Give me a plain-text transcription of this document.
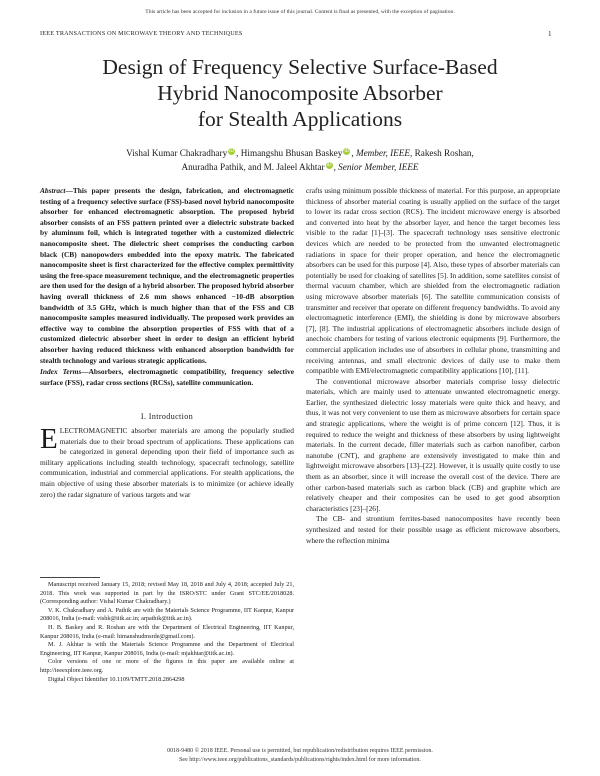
This article has been accepted for inclusion in a future issue of this journal. Content is final as presented, with the exception of pagination.
IEEE TRANSACTIONS ON MICROWAVE THEORY AND TECHNIQUES	1
Design of Frequency Selective Surface-Based
Hybrid Nanocomposite Absorber
for Stealth Applications
Vishal Kumar Chakradhary iD , Himangshu Bhusan Baskey iD , Member, IEEE, Rakesh Roshan,
Anuradha Pathik, and M. Jaleel Akhtar iD , Senior Member, IEEE
Abstract—This paper presents the design, fabrication, and electromagnetic testing of a frequency selective surface (FSS)-based novel hybrid nanocomposite absorber for enhanced electromagnetic absorption. The proposed hybrid absorber consists of an FSS pattern printed over a dielectric substrate backed by aluminum foil, which is integrated together with a customized dielectric nanocomposite sheet. The dielectric sheet comprises the conducting carbon black (CB) nanopowders embedded into the epoxy matrix. The fabricated nanocomposite sheet is first characterized for the effective complex permittivity using the free-space measurement technique, and the electromagnetic properties are then used for the design of a hybrid absorber. The proposed hybrid absorber having overall thickness of 2.6 mm shows enhanced −10-dB absorption bandwidth of 3.5 GHz, which is much higher than that of the FSS and CB nanocomposite samples measured individually. The proposed work provides an effective way to combine the absorption properties of FSS with that of a customized dielectric absorber sheet in order to design an efficient hybrid absorber having reduced thickness with enhanced absorption bandwidth for stealth technology and various strategic applications.
Index Terms—Absorbers, electromagnetic compatibility, frequency selective surface (FSS), radar cross sections (RCSs), satellite communication.
I. Introduction
ELECTROMAGNETIC absorber materials are among the popularly studied materials due to their broad spectrum of applications. These applications can be categorized in general depending upon their field of importance such as military applications including stealth technology, spacecraft technology, satellite communication, industrial and commercial applications. For stealth applications, the main objective of using these absorber materials is to minimize (or achieve ideally zero) the radar signature of various targets and war

Manuscript received January 15, 2018; revised May 18, 2018 and July 4, 2018; accepted July 21, 2018. This work was supported in part by the ISRO/STC under Grant STC/EE/2018028. (Corresponding author: Vishal Kumar Chakradhary.)

V. K. Chakradhary and A. Pathik are with the Materials Science Programme, IIT Kanpur, Kanpur 208016, India (e-mail: vishk@iitk.ac.in; arpathik@iitk.ac.in).

H. B. Baskey and R. Roshan are with the Department of Electrical Engineering, IIT Kanpur, Kanpur 208016, India (e-mail: himanshudmsrde@gmail.com).

M. J. Akhtar is with the Materials Science Programme and the Department of Electrical Engineering, IIT Kanpur, Kanpur 208016, India (e-mail: mjakhtar@iitk.ac.in).

Color versions of one or more of the figures in this paper are available online at http://ieeexplore.ieee.org.

Digital Object Identifier 10.1109/TMTT.2018.2864298

crafts using minimum possible thickness of material. For this purpose, an appropriate thickness of absorber material coating is usually applied on the surface of the target to lower its radar cross section (RCS). The incident microwave energy is absorbed and converted into heat by the absorber layer, and hence the target becomes less visible to the radar [1]–[3]. The spacecraft technology uses sensitive electronic devices which are needed to be protected from the unwanted electromagnetic radiations in space for their proper operation, and hence the electromagnetic absorbers can be used for this purpose [4]. Also, these types of absorber materials can potentially be used for cloaking of satellites [5]. In addition, some satellites consist of thermal vacuum chamber, which are shielded from the electromagnetic radiation using microwave absorber materials [6]. The satellite communication consists of transmitter and receiver that operate on different frequency bandwidths. To avoid any electromagnetic interference (EMI), the shielding is done by microwave absorbers [7], [8]. The industrial applications of electromagnetic absorbers include design of anechoic chambers for testing of various electronic equipments [9]. Furthermore, the commercial application includes use of absorbers in cellular phone, transmitting and receiving antennas, and small electronic devices of daily use to make them compatible with EMI/electromagnetic compatibility applications [10], [11].

The conventional microwave absorber materials comprise lossy dielectric materials, which are mainly used to attenuate unwanted electromagnetic energy. Earlier, the synthesized dielectric lossy materials were quite thick and heavy, and thus, it was not very convenient to use them as microwave absorbers for certain space and strategic applications, where the weight is of prime concern [12]. Thus, it is required to reduce the weight and thickness of these absorbers by using lightweight materials. In the current decade, filler materials such as carbon nanofiber, carbon nanotube (CNT), and graphene are extensively investigated to make thin and lightweight microwave absorbers [13]–[22]. However, it is usually quite costly to use them as an absorber, since it will increase the overall cost of the device. There are other carbon-based materials such as carbon black (CB) and graphite which are relatively cheaper and their composites can be used to get good absorption characteristics [23]–[26].

The CB- and strontium ferrites-based nanocomposites have recently been synthesized and tested for their possible usage as efficient microwave absorbers, where the reflection minima

0018-9480 © 2018 IEEE. Personal use is permitted, but republication/redistribution requires IEEE permission.
See http://www.ieee.org/publications_standards/publications/rights/index.html for more information.
